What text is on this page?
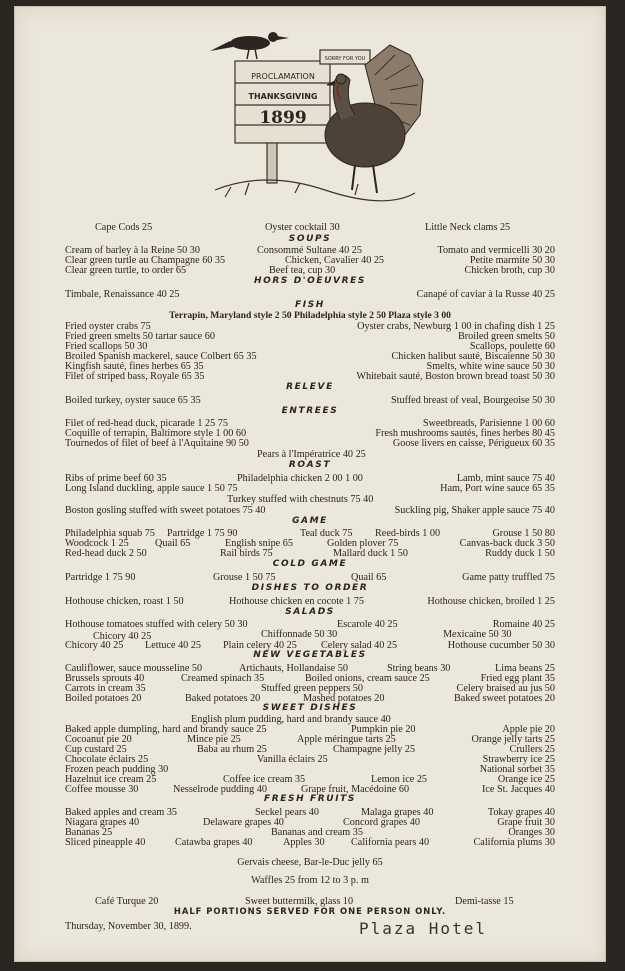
SORRY FOR YOU
PROCLAMATION
THANKSGIVING
1899
Cape Cods 25	Oyster cocktail 30	Little Neck clams 25
SOUPS
Cream of barley à la Reine 50 30	Consommé Sultane 40 25	Tomato and vermicelli 30 20
Clear green turtle au Champagne 60 35	Chicken, Cavalier 40 25	Petite marmite 50 30
Clear green turtle, to order 65	Beef tea, cup 30	Chicken broth, cup 30
HORS D'OEUVRES
Timbale, Renaissance 40 25	Canapé of caviar à la Russe 40 25
FISH
Terrapin, Maryland style 2 50 Philadelphia style 2 50 Plaza style 3 00
Fried oyster crabs 75	Oyster crabs, Newburg 1 00 in chafing dish 1 25
Fried green smelts 50 tartar sauce 60	Broiled green smelts 50
Fried scallops 50 30	Scallops, poulette 60
Broiled Spanish mackerel, sauce Colbert 65 35	Chicken halibut sauté, Biscaienne 50 30
Kingfish sauté, fines herbes 65 35	Smelts, white wine sauce 50 30
Filet of striped bass, Royale 65 35	Whitebait sauté, Boston brown bread toast 50 30
RELEVE
Boiled turkey, oyster sauce 65 35	Stuffed breast of veal, Bourgeoise 50 30
ENTREES
Filet of red-head duck, picarade 1 25 75	Sweetbreads, Parisienne 1 00 60
Coquille of terrapin, Baltimore style 1 00 60	Fresh mushrooms sautés, fines herbes 80 45
Tournedos of filet of beef à l'Aquitaine 90 50	Goose livers en caisse, Périgueux 60 35
Pears à l'Impératrice 40 25
ROAST
Ribs of prime beef 60 35	Philadelphia chicken 2 00 1 00	Lamb, mint sauce 75 40
Long Island duckling, apple sauce 1 50 75	Ham, Port wine sauce 65 35
Turkey stuffed with chestnuts 75 40
Boston gosling stuffed with sweet potatoes 75 40	Suckling pig, Shaker apple sauce 75 40
GAME
Philadelphia squab 75 Partridge 1 75 90	Teal duck 75 Reed-birds 1 00	Grouse 1 50 80
Woodcock 1 25	Quail 65	English snipe 65	Golden plover 75	Canvas-back duck 3 50
Red-head duck 2 50	Rail birds 75	Mallard duck 1 50	Ruddy duck 1 50
COLD GAME
Partridge 1 75 90	Grouse 1 50 75	Quail 65	Game patty truffled 75
DISHES TO ORDER
Hothouse chicken, roast 1 50	Hothouse chicken en cocote 1 75	Hothouse chicken, broiled 1 25
SALADS
Hothouse tomatoes stuffed with celery 50 30	Escarole 40 25	Romaine 40 25
Chiffonnade 50 30	Mexicaine 50 30
Chicory 40 25
Chicory 40 25 Lettuce 40 25 Plain celery 40 25 Celery salad 40 25	Hothouse cucumber 50 30
NEW VEGETABLES
Cauliflower, sauce mousseline 50	Artichauts, Hollandaise 50	String beans 30	Lima beans 25
Brussels sprouts 40	Creamed spinach 35	Boiled onions, cream sauce 25	Fried egg plant 35
Carrots in cream 35	Stuffed green peppers 50	Celery braised au jus 50
Boiled potatoes 20	Baked potatoes 20	Mashed potatoes 20	Baked sweet potatoes 20
SWEET DISHES
English plum pudding, hard and brandy sauce 40
Baked apple dumpling, hard and brandy sauce 25	Pumpkin pie 20	Apple pie 20
Cocoanut pie 20	Mince pie 25	Apple méringue tarts 25	Orange jelly tarts 25
Cup custard 25	Baba au rhum 25	Champagne jelly 25	Crullers 25
Chocolate éclairs 25	Vanilla éclairs 25	Strawberry ice 25
Frozen peach pudding 30	National sorbet 35
Hazelnut ice cream 25	Coffee ice cream 35	Lemon ice 25	Orange ice 25
Coffee mousse 30	Nesselrode pudding 40	Grape fruit, Macédoine 60	Ice St. Jacques 40
FRESH FRUITS
Baked apples and cream 35	Seckel pears 40	Malaga grapes 40	Tokay grapes 40
Niagara grapes 40	Delaware grapes 40	Concord grapes 40	Grape fruit 30
Bananas 25	Bananas and cream 35	Oranges 30
Sliced pineapple 40	Catawba grapes 40	Apples 30	California pears 40	California plums 30
Gervais cheese, Bar-le-Duc jelly 65
Waffles 25 from 12 to 3 p. m
Café Turque 20	Sweet buttermilk, glass 10	Demi-tasse 15
HALF PORTIONS SERVED FOR ONE PERSON ONLY.
Thursday, November 30, 1899.	Plaza Hotel
